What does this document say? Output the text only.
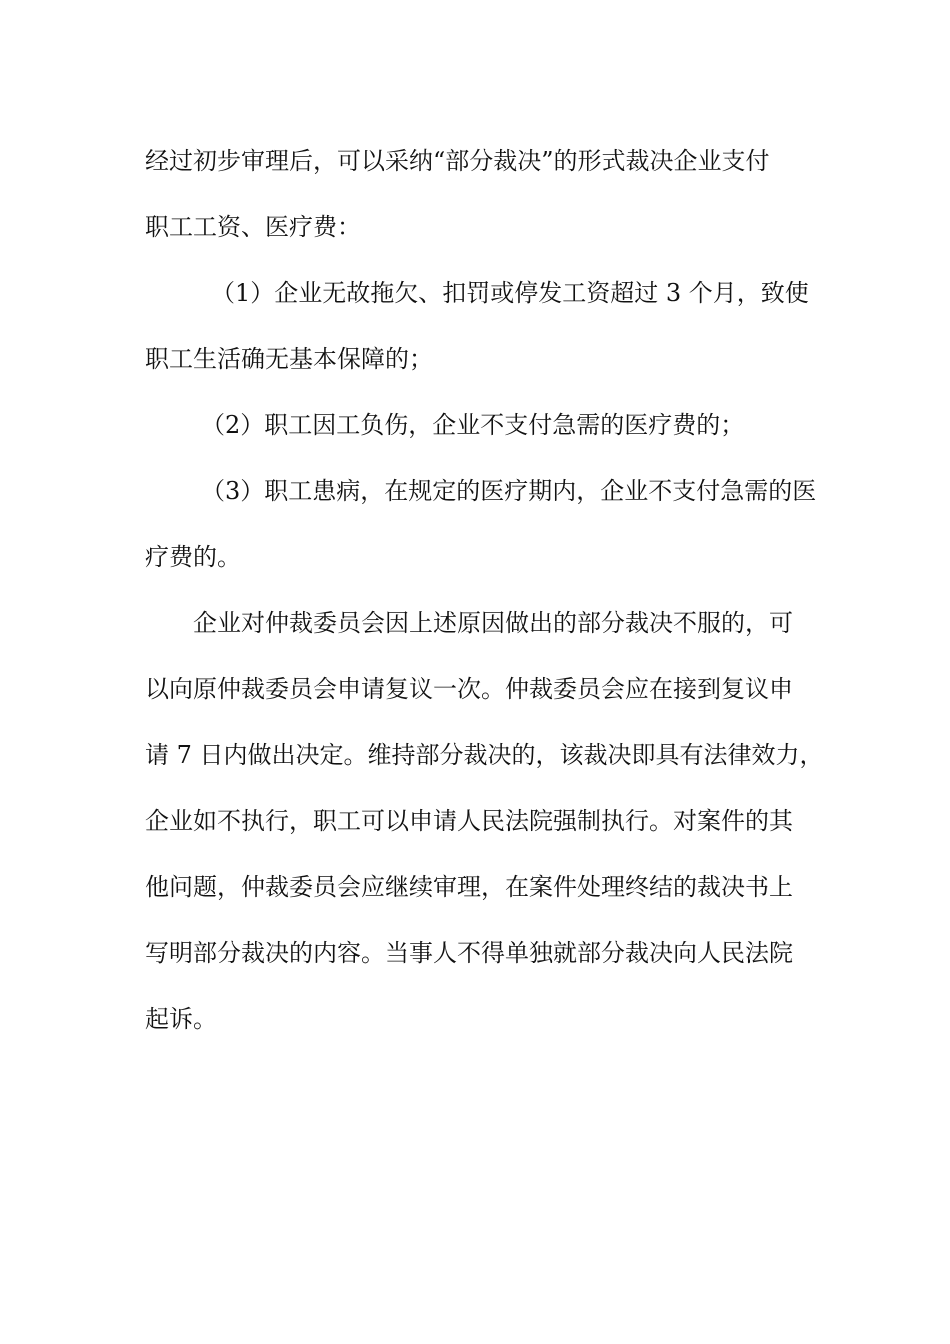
经过初步审理后，可以采纳“部分裁决”的形式裁决企业支付
职工工资、医疗费：
（1）企业无故拖欠、扣罚或停发工资超过 3 个月，致使
职工生活确无基本保障的；
（2）职工因工负伤，企业不支付急需的医疗费的；
（3）职工患病，在规定的医疗期内，企业不支付急需的医
疗费的。
企业对仲裁委员会因上述原因做出的部分裁决不服的，可
以向原仲裁委员会申请复议一次。仲裁委员会应在接到复议申
请 7 日内做出决定。维持部分裁决的，该裁决即具有法律效力，
企业如不执行，职工可以申请人民法院强制执行。对案件的其
他问题，仲裁委员会应继续审理，在案件处理终结的裁决书上
写明部分裁决的内容。当事人不得单独就部分裁决向人民法院
起诉。
